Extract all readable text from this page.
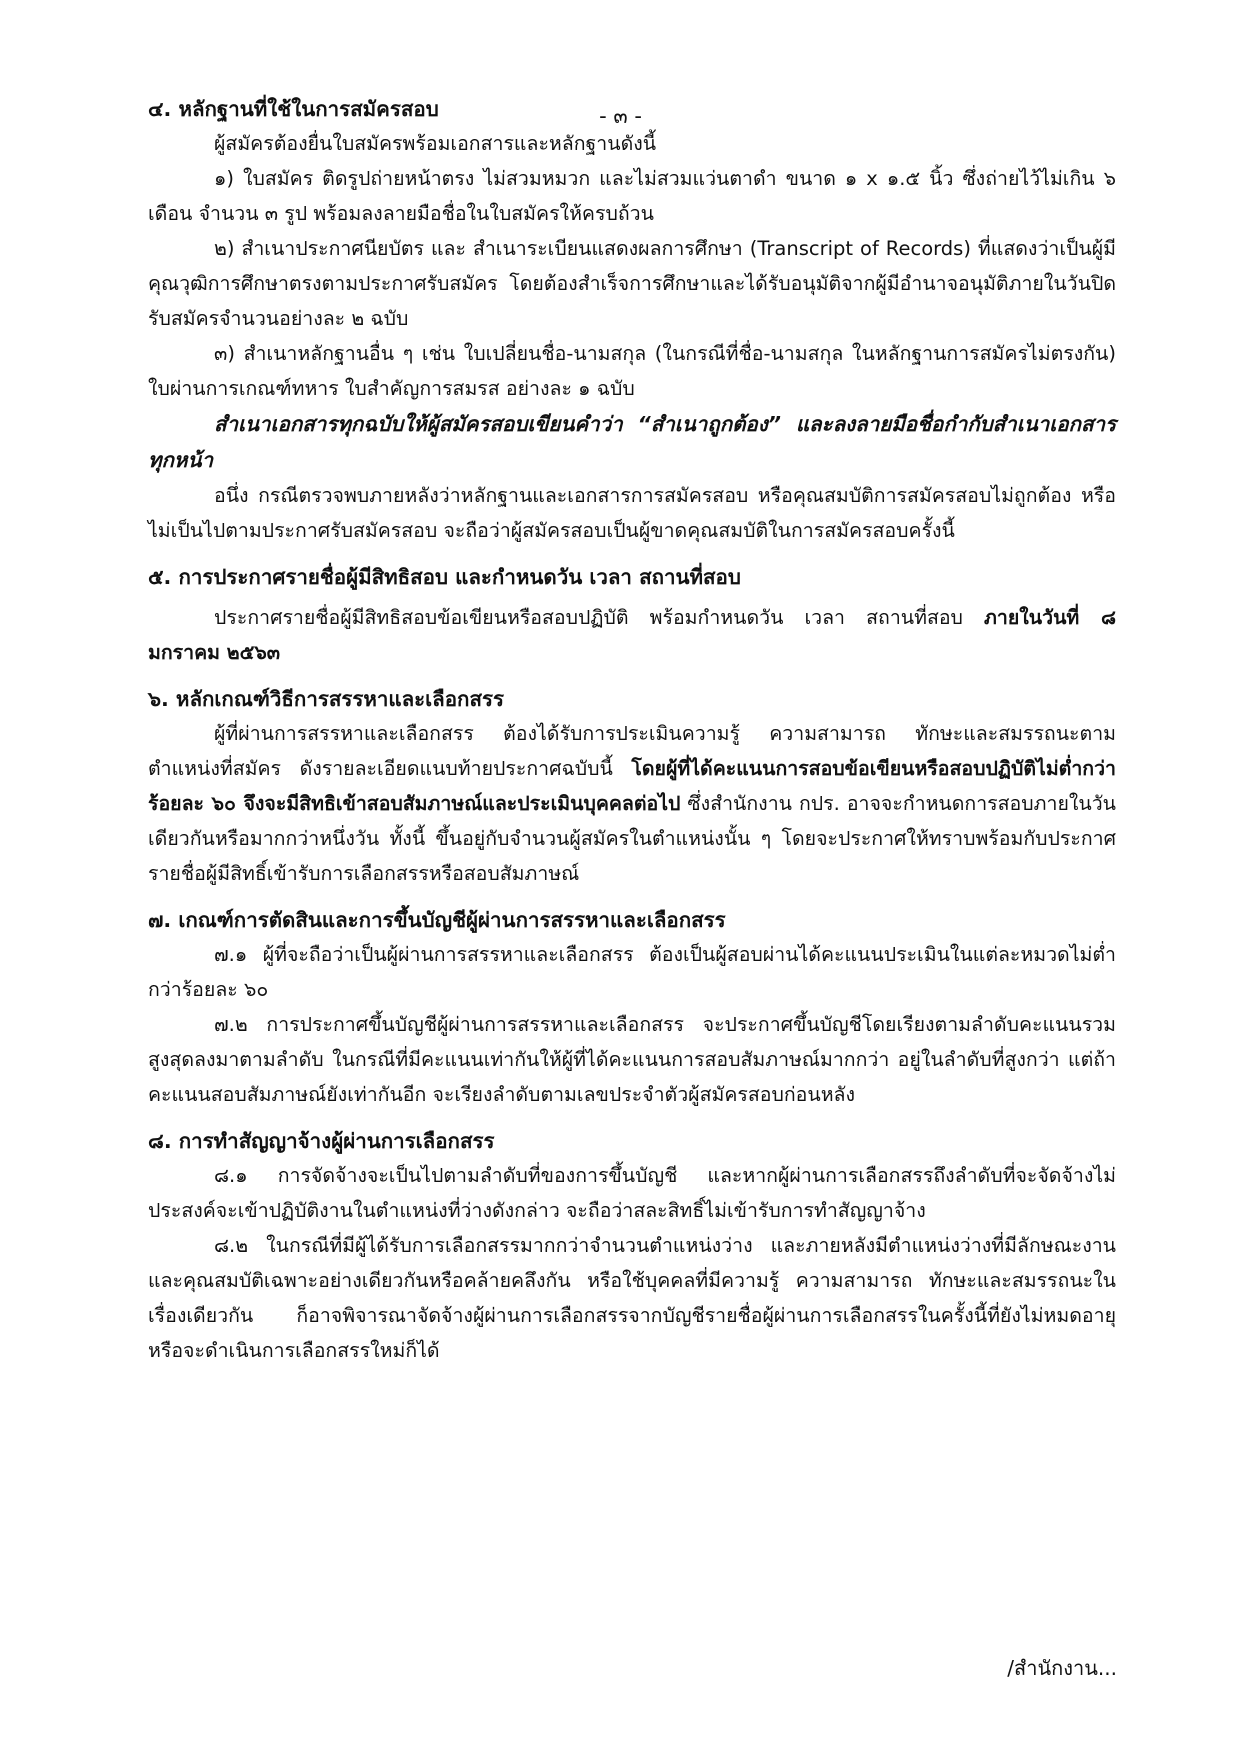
- ๓ -

๔. หลักฐานที่ใช้ในการสมัครสอบ

ผู้สมัครต้องยื่นใบสมัครพร้อมเอกสารและหลักฐานดังนี้

๑) ใบสมัคร ติดรูปถ่ายหน้าตรง ไม่สวมหมวก และไม่สวมแว่นตาดำ ขนาด ๑ x ๑.๕ นิ้ว ซึ่งถ่ายไว้ไม่เกิน ๖ เดือน จำนวน ๓ รูป พร้อมลงลายมือชื่อในใบสมัครให้ครบถ้วน

๒) สำเนาประกาศนียบัตร และ สำเนาระเบียนแสดงผลการศึกษา (Transcript of Records) ที่แสดงว่าเป็นผู้มีคุณวุฒิการศึกษาตรงตามประกาศรับสมัคร โดยต้องสำเร็จการศึกษาและได้รับอนุมัติจากผู้มีอำนาจอนุมัติภายในวันปิดรับสมัครจำนวนอย่างละ ๒ ฉบับ

๓) สำเนาหลักฐานอื่น ๆ เช่น ใบเปลี่ยนชื่อ-นามสกุล (ในกรณีที่ชื่อ-นามสกุล ในหลักฐานการสมัครไม่ตรงกัน) ใบผ่านการเกณฑ์ทหาร ใบสำคัญการสมรส อย่างละ ๑ ฉบับ

สำเนาเอกสารทุกฉบับให้ผู้สมัครสอบเขียนคำว่า “สำเนาถูกต้อง” และลงลายมือชื่อกำกับสำเนาเอกสารทุกหน้า

อนึ่ง กรณีตรวจพบภายหลังว่าหลักฐานและเอกสารการสมัครสอบ หรือคุณสมบัติการสมัครสอบไม่ถูกต้อง หรือไม่เป็นไปตามประกาศรับสมัครสอบ จะถือว่าผู้สมัครสอบเป็นผู้ขาดคุณสมบัติในการสมัครสอบครั้งนี้

๕. การประกาศรายชื่อผู้มีสิทธิสอบ และกำหนดวัน เวลา สถานที่สอบ

ประกาศรายชื่อผู้มีสิทธิสอบข้อเขียนหรือสอบปฏิบัติ พร้อมกำหนดวัน เวลา สถานที่สอบ ภายในวันที่ ๘ มกราคม ๒๕๖๓

๖. หลักเกณฑ์วิธีการสรรหาและเลือกสรร

ผู้ที่ผ่านการสรรหาและเลือกสรร ต้องได้รับการประเมินความรู้ ความสามารถ ทักษะและสมรรถนะตามตำแหน่งที่สมัคร ดังรายละเอียดแนบท้ายประกาศฉบับนี้ โดยผู้ที่ได้คะแนนการสอบข้อเขียนหรือสอบปฏิบัติไม่ต่ำกว่าร้อยละ ๖๐ จึงจะมีสิทธิเข้าสอบสัมภาษณ์และประเมินบุคคลต่อไป ซึ่งสำนักงาน กปร. อาจจะกำหนดการสอบภายในวันเดียวกันหรือมากกว่าหนึ่งวัน ทั้งนี้ ขึ้นอยู่กับจำนวนผู้สมัครในตำแหน่งนั้น ๆ โดยจะประกาศให้ทราบพร้อมกับประกาศรายชื่อผู้มีสิทธิ์เข้ารับการเลือกสรรหรือสอบสัมภาษณ์

๗. เกณฑ์การตัดสินและการขึ้นบัญชีผู้ผ่านการสรรหาและเลือกสรร

๗.๑ ผู้ที่จะถือว่าเป็นผู้ผ่านการสรรหาและเลือกสรร ต้องเป็นผู้สอบผ่านได้คะแนนประเมินในแต่ละหมวดไม่ต่ำกว่าร้อยละ ๖๐

๗.๒ การประกาศขึ้นบัญชีผู้ผ่านการสรรหาและเลือกสรร จะประกาศขึ้นบัญชีโดยเรียงตามลำดับคะแนนรวมสูงสุดลงมาตามลำดับ ในกรณีที่มีคะแนนเท่ากันให้ผู้ที่ได้คะแนนการสอบสัมภาษณ์มากกว่า อยู่ในลำดับที่สูงกว่า แต่ถ้าคะแนนสอบสัมภาษณ์ยังเท่ากันอีก จะเรียงลำดับตามเลขประจำตัวผู้สมัครสอบก่อนหลัง

๘. การทำสัญญาจ้างผู้ผ่านการเลือกสรร

๘.๑ การจัดจ้างจะเป็นไปตามลำดับที่ของการขึ้นบัญชี และหากผู้ผ่านการเลือกสรรถึงลำดับที่จะจัดจ้างไม่ประสงค์จะเข้าปฏิบัติงานในตำแหน่งที่ว่างดังกล่าว จะถือว่าสละสิทธิ์ไม่เข้ารับการทำสัญญาจ้าง

๘.๒ ในกรณีที่มีผู้ได้รับการเลือกสรรมากกว่าจำนวนตำแหน่งว่าง และภายหลังมีตำแหน่งว่างที่มีลักษณะงานและคุณสมบัติเฉพาะอย่างเดียวกันหรือคล้ายคลึงกัน หรือใช้บุคคลที่มีความรู้ ความสามารถ ทักษะและสมรรถนะในเรื่องเดียวกัน ก็อาจพิจารณาจัดจ้างผู้ผ่านการเลือกสรรจากบัญชีรายชื่อผู้ผ่านการเลือกสรรในครั้งนี้ที่ยังไม่หมดอายุ หรือจะดำเนินการเลือกสรรใหม่ก็ได้

/สำนักงาน...
